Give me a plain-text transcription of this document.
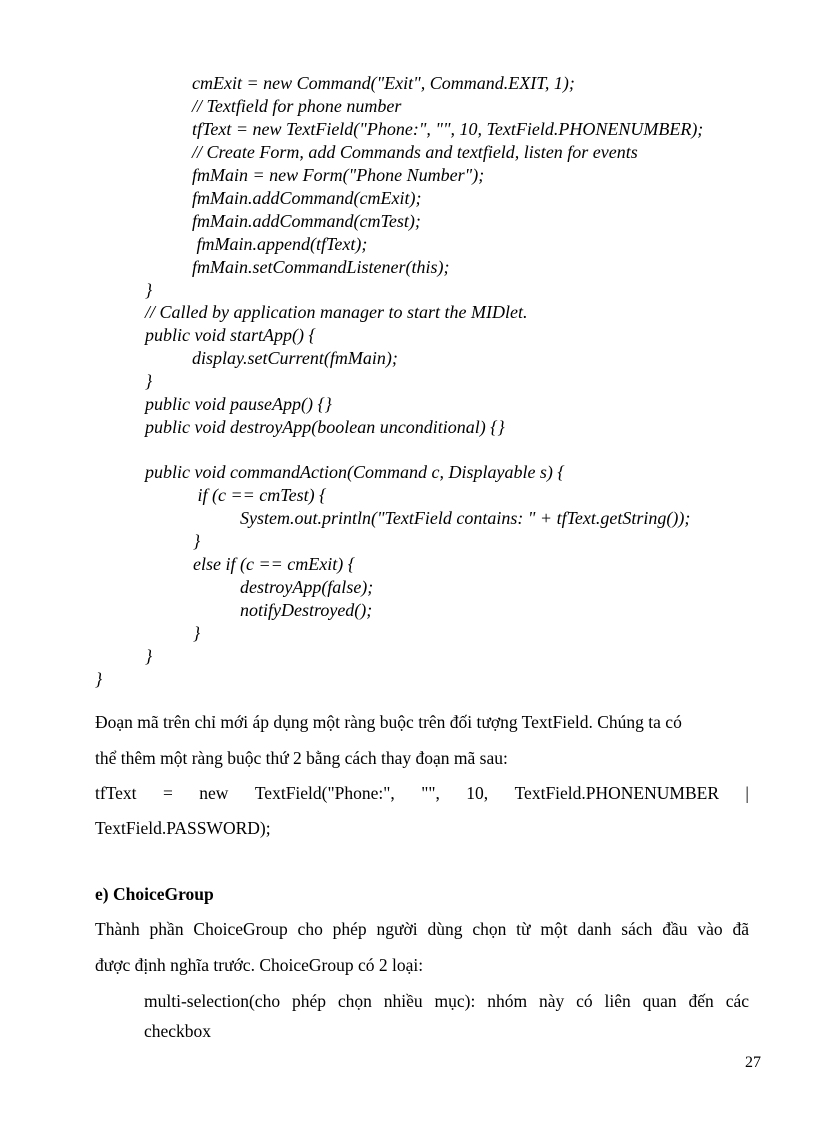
cmExit = new Command("Exit", Command.EXIT, 1);
// Textfield for phone number
tfText = new TextField("Phone:", "", 10, TextField.PHONENUMBER);
// Create Form, add Commands and textfield, listen for events
fmMain = new Form("Phone Number");
fmMain.addCommand(cmExit);
fmMain.addCommand(cmTest);
fmMain.append(tfText);
fmMain.setCommandListener(this);
}
// Called by application manager to start the MIDlet.
public void startApp() {
display.setCurrent(fmMain);
}
public void pauseApp() {}
public void destroyApp(boolean unconditional) {}
public void commandAction(Command c, Displayable s) {
if (c == cmTest) {
System.out.println("TextField contains: " + tfText.getString());
}
else if (c == cmExit) {
destroyApp(false);
notifyDestroyed();
}
}
}
Đoạn mã trên chỉ mới áp dụng một ràng buộc trên đối tượng TextField. Chúng ta có
thể thêm một ràng buộc thứ 2 bằng cách thay đoạn mã sau:
tfText = new TextField("Phone:", "", 10, TextField.PHONENUMBER |
TextField.PASSWORD);
e) ChoiceGroup
Thành phần ChoiceGroup cho phép người dùng chọn từ một danh sách đầu vào đã
được định nghĩa trước. ChoiceGroup có 2 loại:
multi-selection(cho phép chọn nhiều mục): nhóm này có liên quan đến các
checkbox
27
